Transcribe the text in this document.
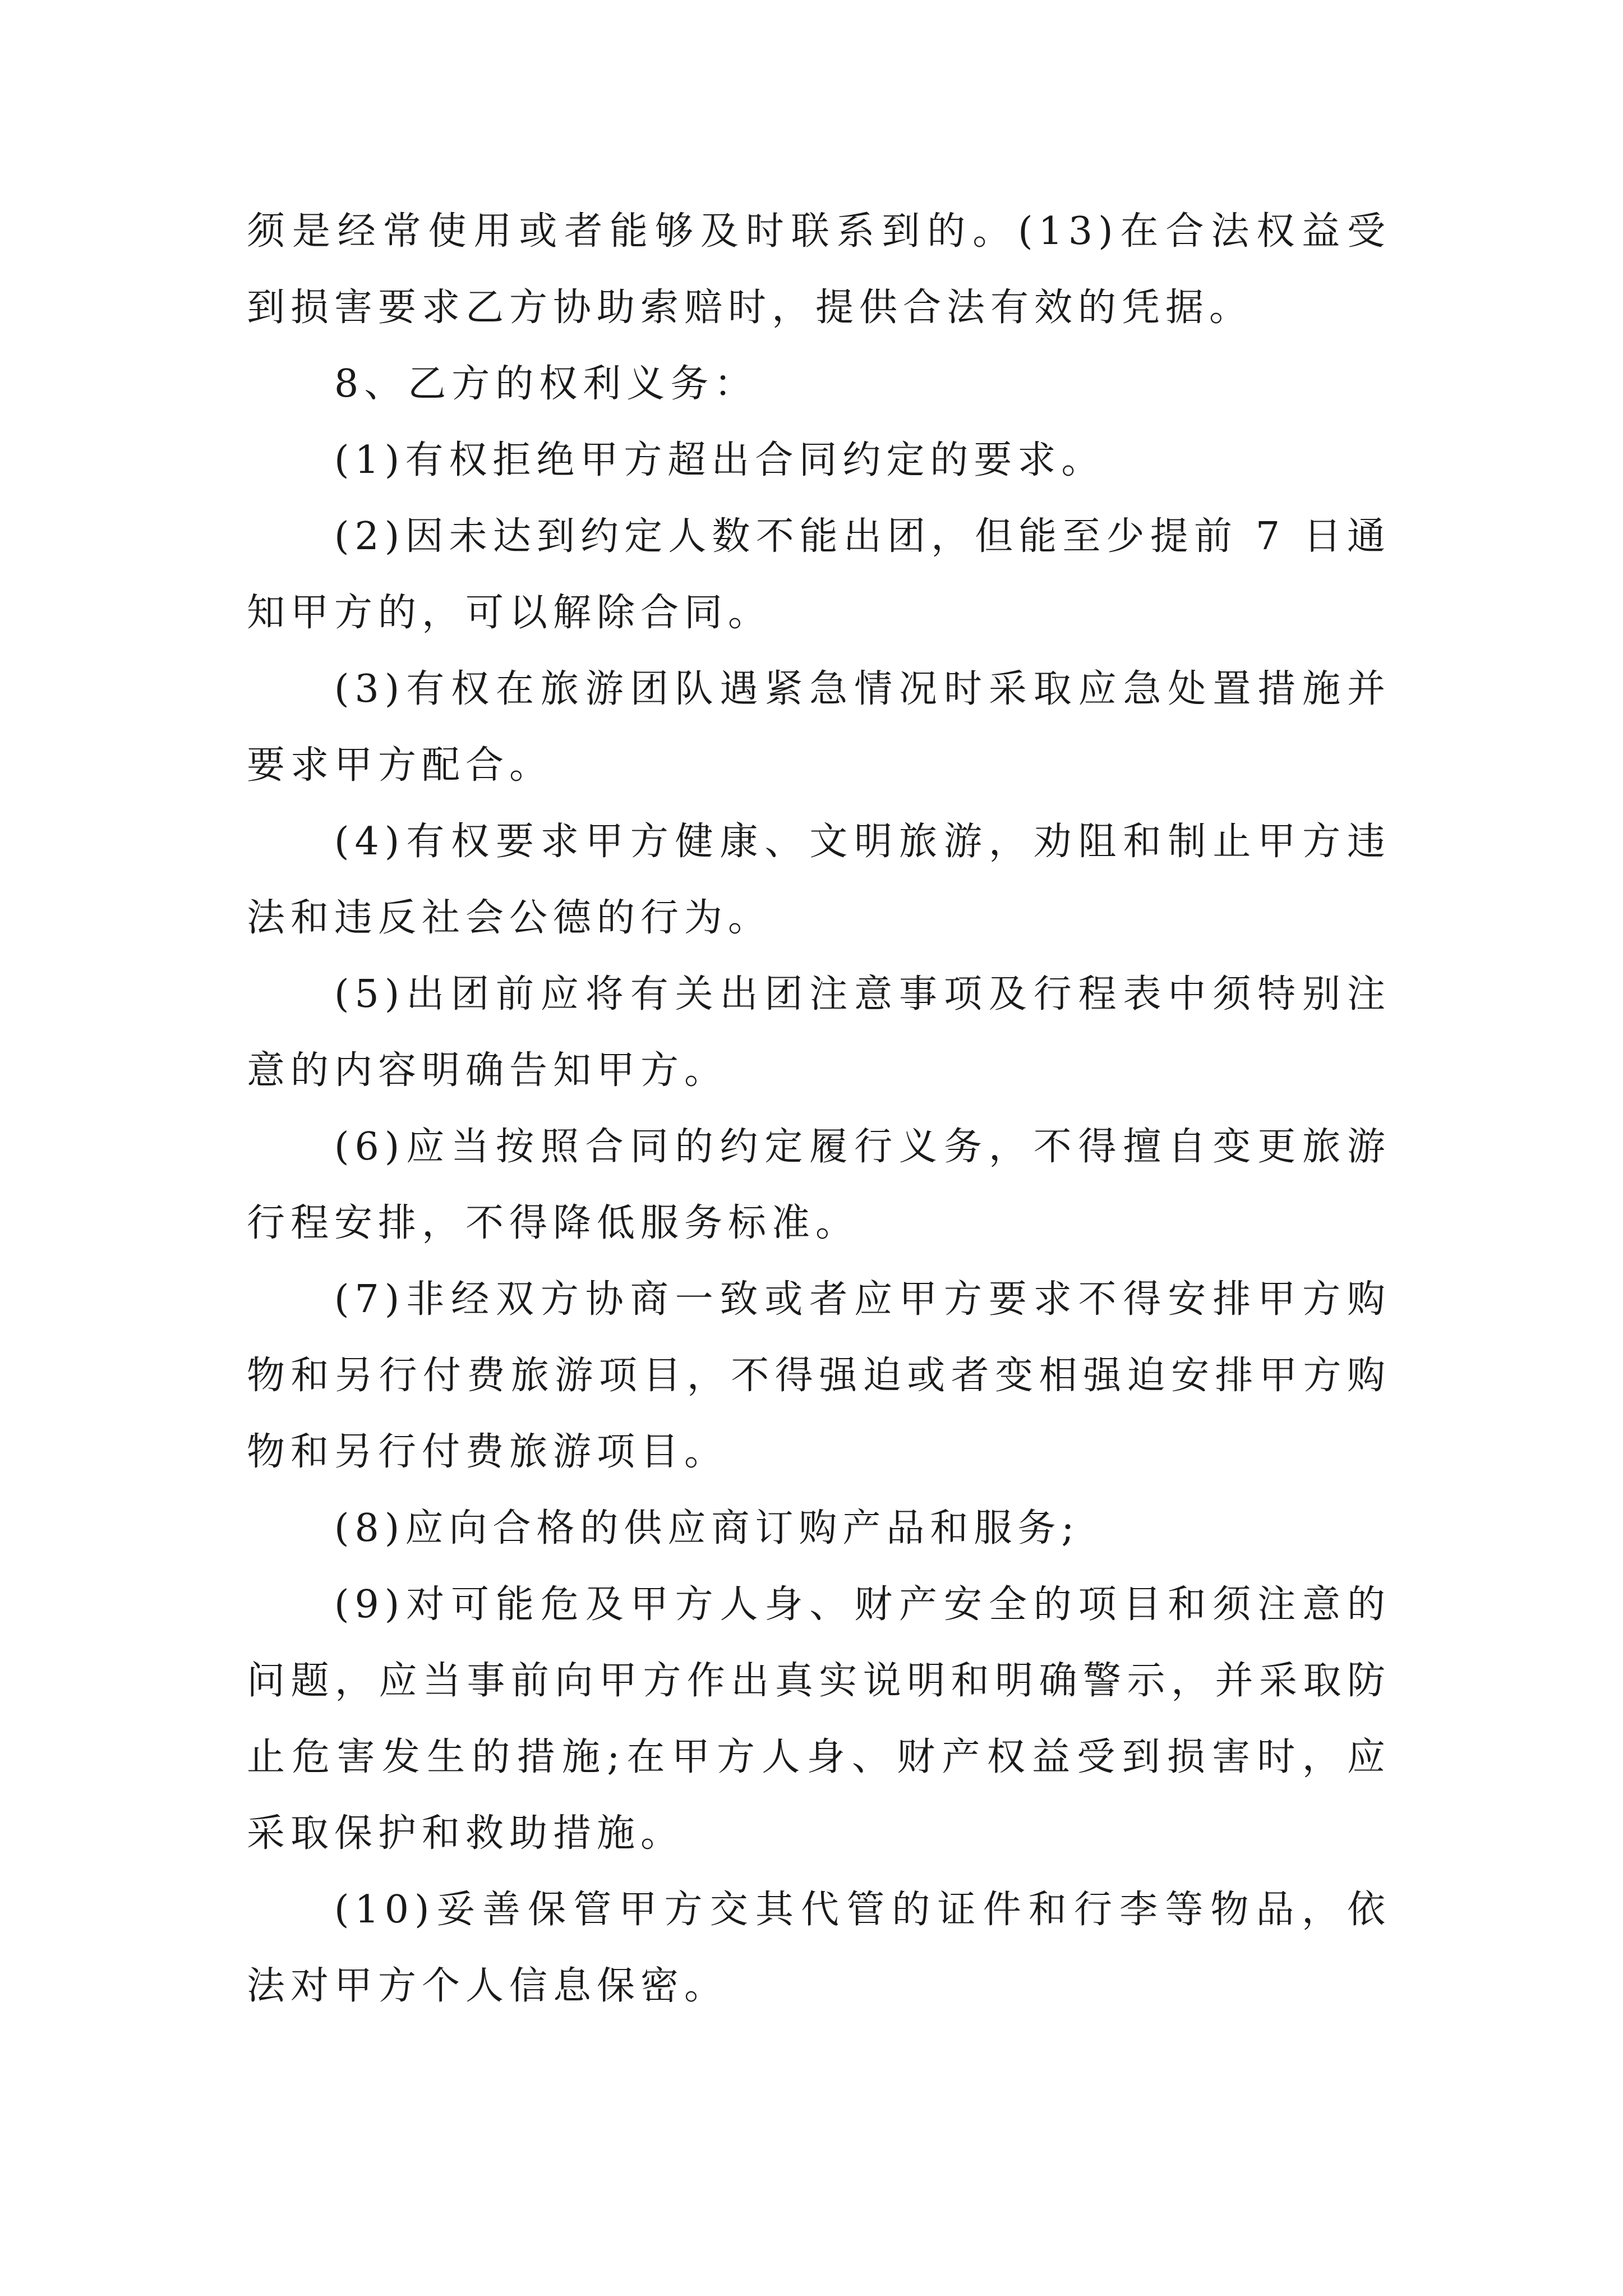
须是经常使用或者能够及时联系到的。(13)在合法权益受到损害要求乙方协助索赔时，提供合法有效的凭据。

8、乙方的权利义务：

(1)有权拒绝甲方超出合同约定的要求。

(2)因未达到约定人数不能出团，但能至少提前 7 日通知甲方的，可以解除合同。

(3)有权在旅游团队遇紧急情况时采取应急处置措施并要求甲方配合。

(4)有权要求甲方健康、文明旅游，劝阻和制止甲方违法和违反社会公德的行为。

(5)出团前应将有关出团注意事项及行程表中须特别注意的内容明确告知甲方。

(6)应当按照合同的约定履行义务，不得擅自变更旅游行程安排，不得降低服务标准。

(7)非经双方协商一致或者应甲方要求不得安排甲方购物和另行付费旅游项目，不得强迫或者变相强迫安排甲方购物和另行付费旅游项目。

(8)应向合格的供应商订购产品和服务;

(9)对可能危及甲方人身、财产安全的项目和须注意的问题，应当事前向甲方作出真实说明和明确警示，并采取防止危害发生的措施;在甲方人身、财产权益受到损害时，应采取保护和救助措施。

(10)妥善保管甲方交其代管的证件和行李等物品，依法对甲方个人信息保密。
